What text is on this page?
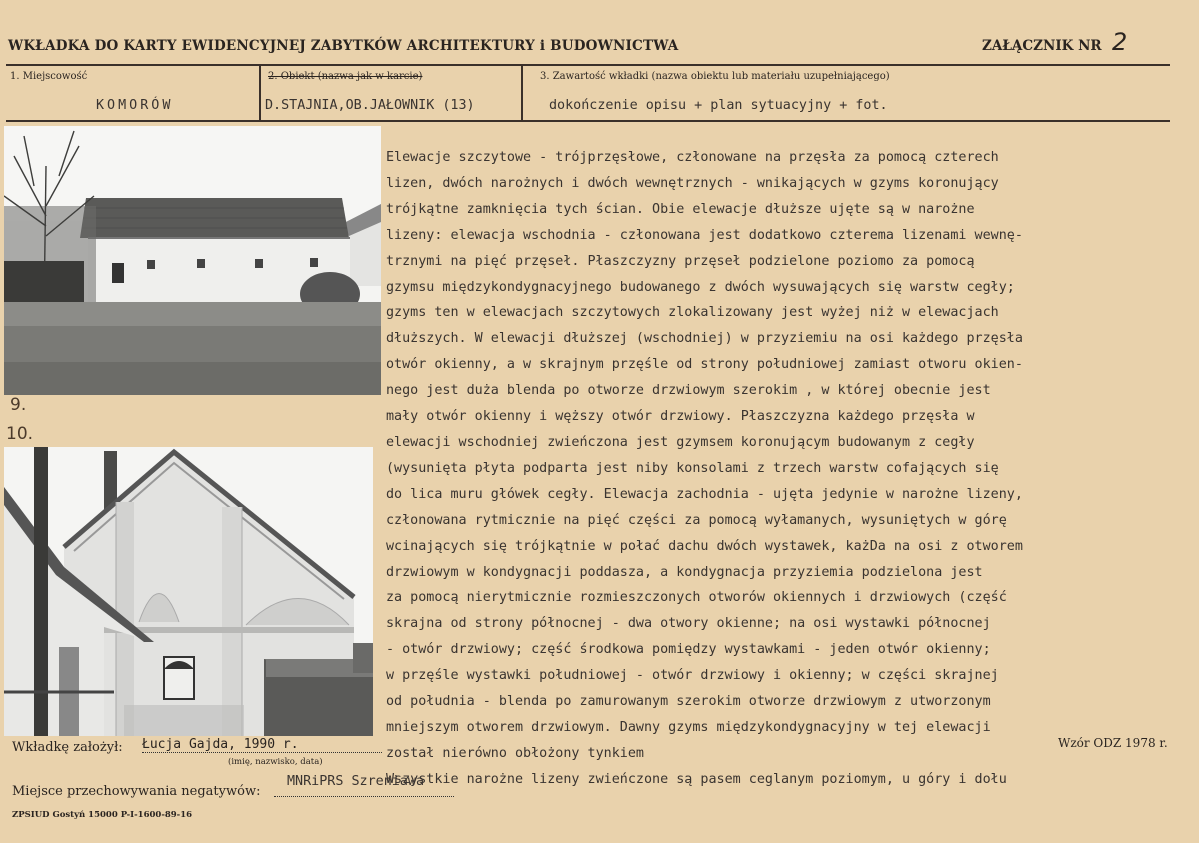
WKŁADKA DO KARTY EWIDENCYJNEJ ZABYTKÓW ARCHITEKTURY i BUDOWNICTWA	ZAŁĄCZNIK NR 2
1. Miejscowość	2. Obiekt (nazwa jak w karcie)	3. Zawartość wkładki (nazwa obiektu lub materiału uzupełniającego)
KOMORÓW	D.STAJNIA,OB.JAŁOWNIK (13)	dokończenie opisu + plan sytuacyjny + fot.
9.
10.

Elewacje szczytowe - trójprzęsłowe, członowane na przęsła za pomocą czterech

lizen, dwóch narożnych i dwóch wewnętrznych - wnikających w gzyms koronujący

trójkątne zamknięcia tych ścian. Obie elewacje dłuższe ujęte są w narożne

lizeny: elewacja wschodnia - członowana jest dodatkowo czterema lizenami wewnę-

trznymi na pięć przęseł. Płaszczyzny przęseł podzielone poziomo za pomocą

gzymsu międzykondygnacyjnego budowanego z dwóch wysuwających się warstw cegły;

gzyms ten w elewacjach szczytowych zlokalizowany jest wyżej niż w elewacjach

dłuższych. W elewacji dłuższej (wschodniej) w przyziemiu na osi każdego przęsła

otwór okienny, a w skrajnym przęśle od strony południowej zamiast otworu okien-

nego jest duża blenda po otworze drzwiowym szerokim , w której obecnie jest

mały otwór okienny i węższy otwór drzwiowy. Płaszczyzna każdego przęsła w

elewacji wschodniej zwieńczona jest gzymsem koronującym budowanym z cegły

(wysunięta płyta podparta jest niby konsolami z trzech warstw cofających się

do lica muru główek cegły. Elewacja zachodnia - ujęta jedynie w narożne lizeny,

członowana rytmicznie na pięć części za pomocą wyłamanych, wysuniętych w górę

wcinających się trójkątnie w połać dachu dwóch wystawek, każDa na osi z otworem

drzwiowym w kondygnacji poddasza, a kondygnacja przyziemia podzielona jest

za pomocą nierytmicznie rozmieszczonych otworów okiennych i drzwiowych (część

skrajna od strony północnej - dwa otwory okienne; na osi wystawki północnej

- otwór drzwiowy; część środkowa pomiędzy wystawkami - jeden otwór okienny;

w przęśle wystawki południowej - otwór drzwiowy i okienny; w części skrajnej

od południa - blenda po zamurowanym szerokim otworze drzwiowym z utworzonym

mniejszym otworem drzwiowym. Dawny gzyms międzykondygnacyjny w tej elewacji

został nierówno obłożony tynkiem

Wszystkie narożne lizeny zwieńczone są pasem ceglanym poziomym, u góry i dołu

Wkładkę założył: Łucja Gajda, 1990 r.
(imię, nazwisko, data)
Wzór ODZ 1978 r.
Miejsce przechowywania negatywów:
MNRiPRS Szreniawa
ZPSIUD Gostyń 15000 P-I-1600-89-16
